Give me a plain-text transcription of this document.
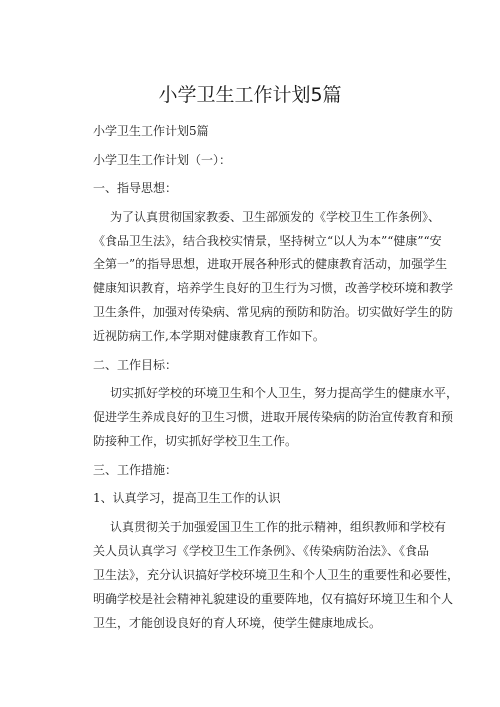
小学卫生工作计划5篇
小学卫生工作计划5篇
小学卫生工作计划（一）：
一、指导思想：
为了认真贯彻国家教委、卫生部颁发的《学校卫生工作条例》、
《食品卫生法》，结合我校实情景，坚持树立“以人为本”“健康”“安
全第一”的指导思想，进取开展各种形式的健康教育活动，加强学生
健康知识教育，培养学生良好的卫生行为习惯，改善学校环境和教学
卫生条件，加强对传染病、常见病的预防和防治。切实做好学生的防
近视防病工作,本学期对健康教育工作如下。
二、工作目标：
切实抓好学校的环境卫生和个人卫生，努力提高学生的健康水平，
促进学生养成良好的卫生习惯，进取开展传染病的防治宣传教育和预
防接种工作，切实抓好学校卫生工作。
三、工作措施：
1、认真学习，提高卫生工作的认识
认真贯彻关于加强爱国卫生工作的批示精神，组织教师和学校有
关人员认真学习《学校卫生工作条例》、《传染病防治法》、《食品
卫生法》，充分认识搞好学校环境卫生和个人卫生的重要性和必要性，
明确学校是社会精神礼貌建设的重要阵地，仅有搞好环境卫生和个人
卫生，才能创设良好的育人环境，使学生健康地成长。
